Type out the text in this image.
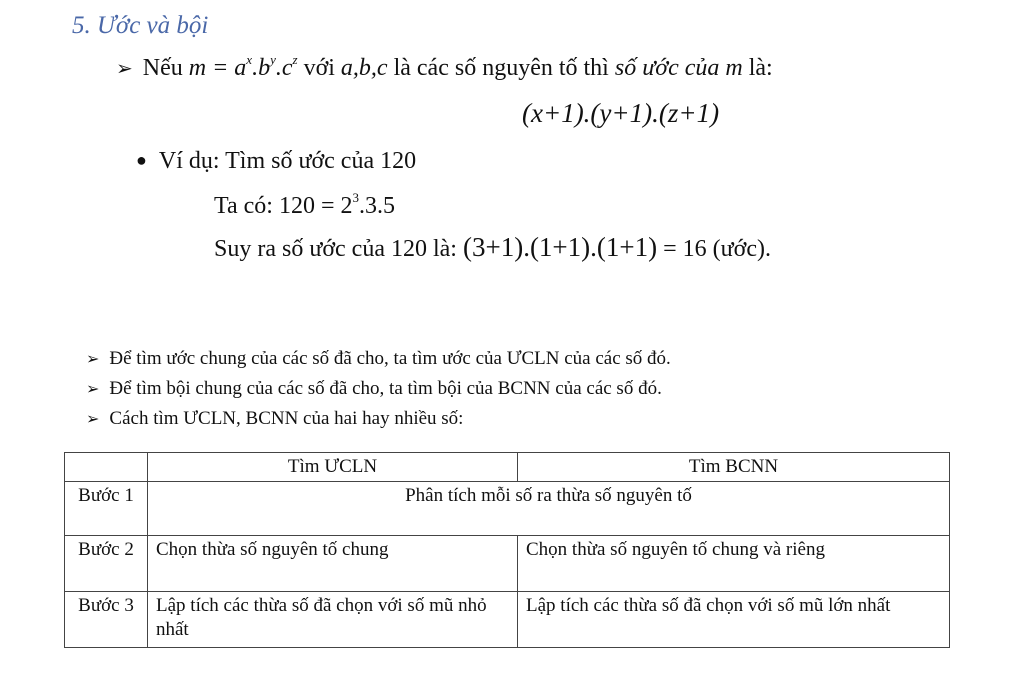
5. Ước và bội
➢ Nếu $m = a^x.b^y.c^z$ với a,b,c là các số nguyên tố thì số ước của m là:
(x+1).(y+1).(z+1)
● Ví dụ: Tìm số ước của 120
Ta có: $120 = 2^3.3.5$
Suy ra số ước của 120 là: (3+1).(1+1).(1+1) = 16 (ước).
➢ Để tìm ước chung của các số đã cho, ta tìm ước của ƯCLN của các số đó.
➢ Để tìm bội chung của các số đã cho, ta tìm bội của BCNN của các số đó.
➢ Cách tìm ƯCLN, BCNN của hai hay nhiều số:
	Tìm ƯCLN	Tìm BCNN
Bước 1	Phân tích mỗi số ra thừa số nguyên tố	
Bước 2	Chọn thừa số nguyên tố chung	Chọn thừa số nguyên tố chung và riêng
Bước 3	Lập tích các thừa số đã chọn với số mũ nhỏ nhất	Lập tích các thừa số đã chọn với số mũ lớn nhất
